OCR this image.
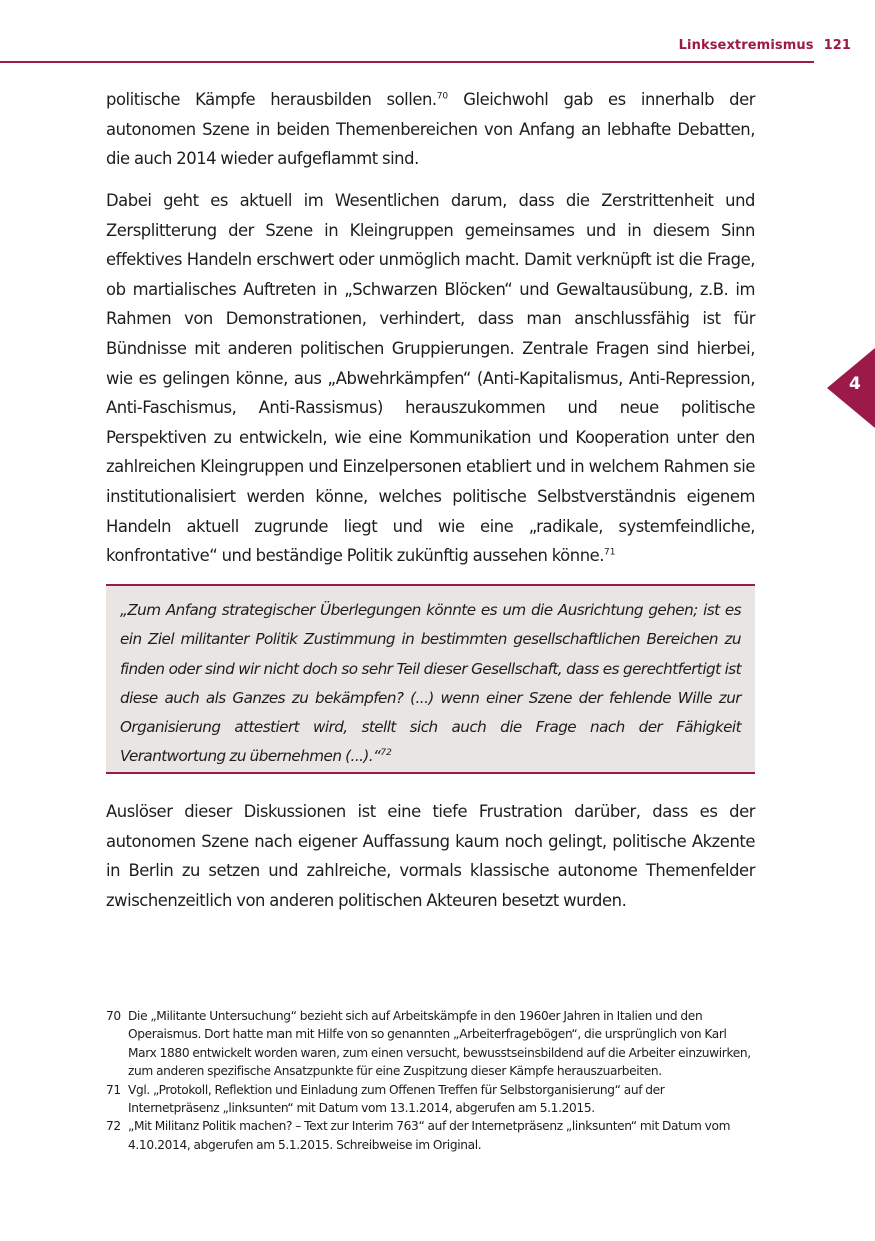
Linksextremismus 121
4

politische Kämpfe herausbilden sollen.$^{70}$ Gleichwohl gab es innerhalb der autonomen Szene in beiden Themenbereichen von Anfang an lebhafte Debatten, die auch 2014 wieder aufgeflammt sind.

Dabei geht es aktuell im Wesentlichen darum, dass die Zerstrittenheit und Zersplitterung der Szene in Kleingruppen gemeinsames und in diesem Sinn effektives Handeln erschwert oder unmöglich macht. Damit verknüpft ist die Frage, ob martialisches Auftreten in „Schwarzen Blöcken“ und Gewaltausübung, z.B. im Rahmen von Demonstrationen, verhindert, dass man anschlussfähig ist für Bündnisse mit anderen politischen Gruppierungen. Zentrale Fragen sind hierbei, wie es gelingen könne, aus „Abwehrkämpfen“ (Anti-Kapitalismus, Anti-Repression, Anti-Faschismus, Anti-Rassismus) herauszukommen und neue politische Perspektiven zu entwickeln, wie eine Kommunikation und Kooperation unter den zahlreichen Kleingruppen und Einzelpersonen etabliert und in welchem Rahmen sie institutionalisiert werden könne, welches politische Selbstverständnis eigenem Handeln aktuell zugrunde liegt und wie eine „radikale, systemfeindliche, konfrontative“ und beständige Politik zukünftig aussehen könne.$^{71}$

„Zum Anfang strategischer Überlegungen könnte es um die Ausrichtung gehen; ist es ein Ziel militanter Politik Zustimmung in bestimmten gesellschaftlichen Bereichen zu finden oder sind wir nicht doch so sehr Teil dieser Gesellschaft, dass es gerechtfertigt ist diese auch als Ganzes zu bekämpfen? (...) wenn einer Szene der fehlende Wille zur Organisierung attestiert wird, stellt sich auch die Frage nach der Fähigkeit Verantwortung zu übernehmen (...).“$^{72}$

Auslöser dieser Diskussionen ist eine tiefe Frustration darüber, dass es der autonomen Szene nach eigener Auffassung kaum noch gelingt, politische Akzente in Berlin zu setzen und zahlreiche, vormals klassische autonome Themenfelder zwischenzeitlich von anderen politischen Akteuren besetzt wurden.

70 Die „Militante Untersuchung“ bezieht sich auf Arbeitskämpfe in den 1960er Jahren in Italien und den Operaismus. Dort hatte man mit Hilfe von so genannten „Arbeiterfragebögen“, die ursprünglich von Karl Marx 1880 entwickelt worden waren, zum einen versucht, bewusstseinsbildend auf die Arbeiter einzuwirken, zum anderen spezifische Ansatzpunkte für eine Zuspitzung dieser Kämpfe herauszuarbeiten.
71 Vgl. „Protokoll, Reflektion und Einladung zum Offenen Treffen für Selbstorganisierung“ auf der Internetpräsenz „linksunten“ mit Datum vom 13.1.2014, abgerufen am 5.1.2015.
72 „Mit Militanz Politik machen? – Text zur Interim 763“ auf der Internetpräsenz „linksunten“ mit Datum vom 4.10.2014, abgerufen am 5.1.2015. Schreibweise im Original.
